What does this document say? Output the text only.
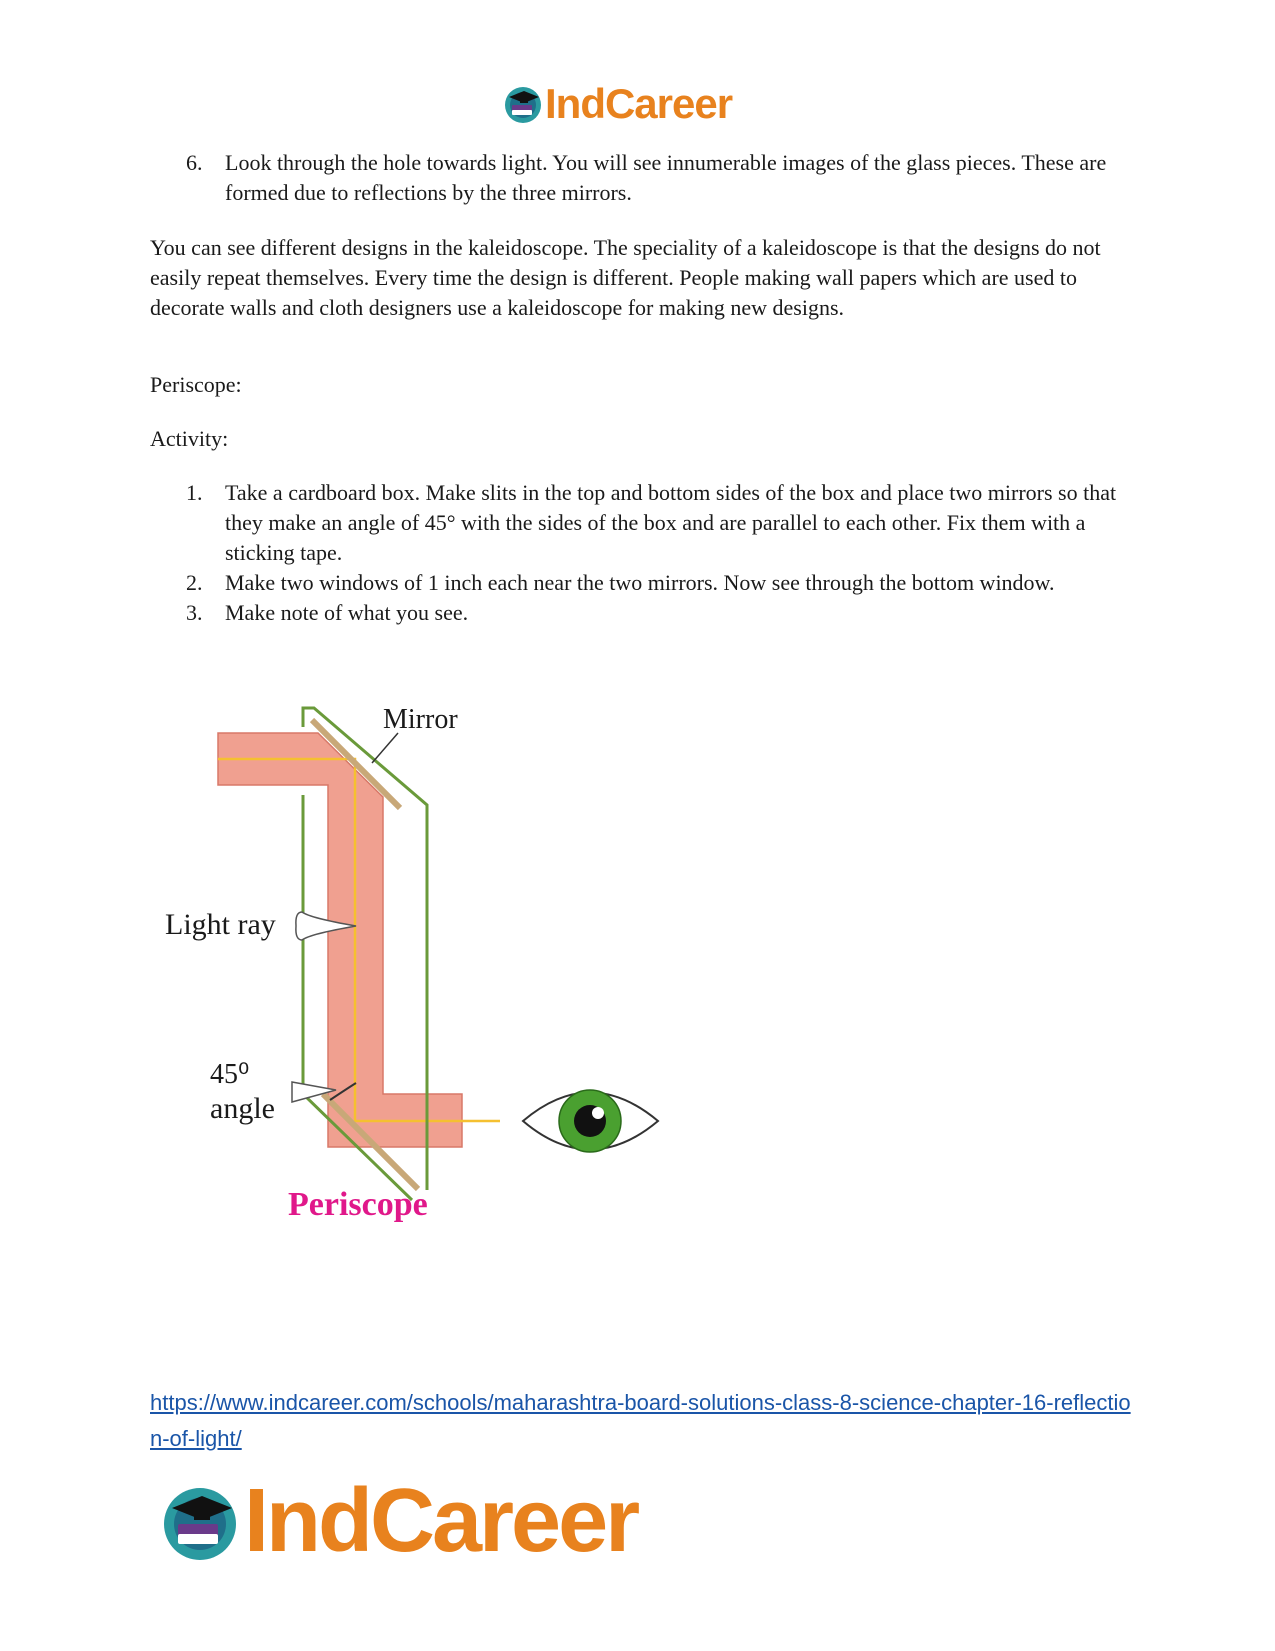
IndCareer
6. Look through the hole towards light. You will see innumerable images of the glass pieces. These are formed due to reflections by the three mirrors.

You can see different designs in the kaleidoscope. The speciality of a kaleidoscope is that the designs do not easily repeat themselves. Every time the design is different. People making wall papers which are used to decorate walls and cloth designers use a kaleidoscope for making new designs.

Periscope:

Activity:

1. Take a cardboard box. Make slits in the top and bottom sides of the box and place two mirrors so that they make an angle of 45° with the sides of the box and are parallel to each other. Fix them with a sticking tape.
2. Make two windows of 1 inch each near the two mirrors. Now see through the bottom window.
3. Make note of what you see.
Mirror
Light ray
45⁰
angle
Periscope
https://www.indcareer.com/schools/maharashtra-board-solutions-class-8-science-chapter-16-reflection-of-light/
IndCareer
